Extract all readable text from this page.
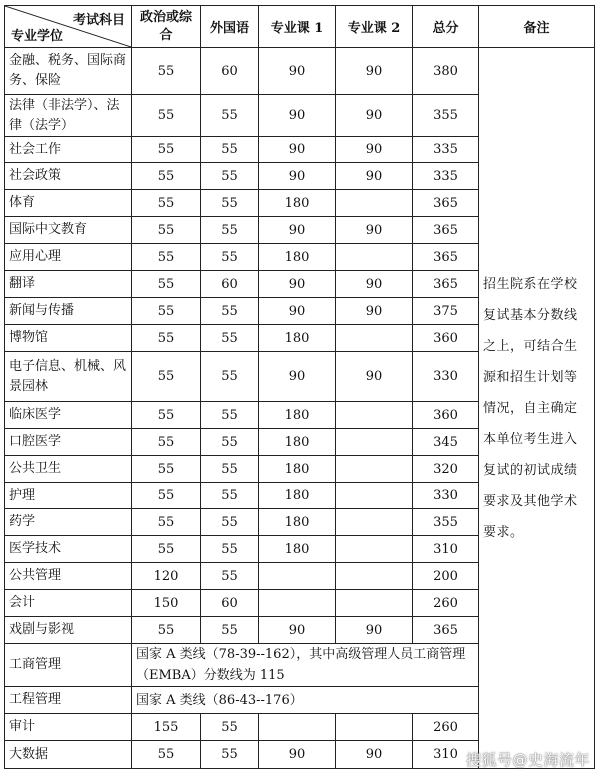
考试科目
专业学位	政治或综合	外国语	专业课 1	专业课 2	总分	备注
金融、税务、国际商务、保险	55	60	90	90	380	招生院系在学校复试基本分数线之上，可结合生源和招生计划等情况，自主确定本单位考生进入复试的初试成绩要求及其他学术要求。
法律（非法学）、法律（法学）	55	55	90	90	355	
社会工作	55	55	90	90	335	
社会政策	55	55	90	90	335	
体育	55	55	180		365	
国际中文教育	55	55	90	90	365	
应用心理	55	55	180		365	
翻译	55	60	90	90	365	
新闻与传播	55	55	90	90	375	
博物馆	55	55	180		360	
电子信息、机械、风景园林	55	55	90	90	330	
临床医学	55	55	180		360	
口腔医学	55	55	180		345	
公共卫生	55	55	180		320	
护理	55	55	180		330	
药学	55	55	180		355	
医学技术	55	55	180		310	
公共管理	120	55			200	
会计	150	60			260	
戏剧与影视	55	55	90	90	365	
工商管理	国家 A 类线（78-39--162），其中高级管理人员工商管理（EMBA）分数线为 115					
工程管理	国家 A 类线（86-43--176）					
审计	155	55			260	
大数据	55	55	90	90	310	搜狐号@史海流年
